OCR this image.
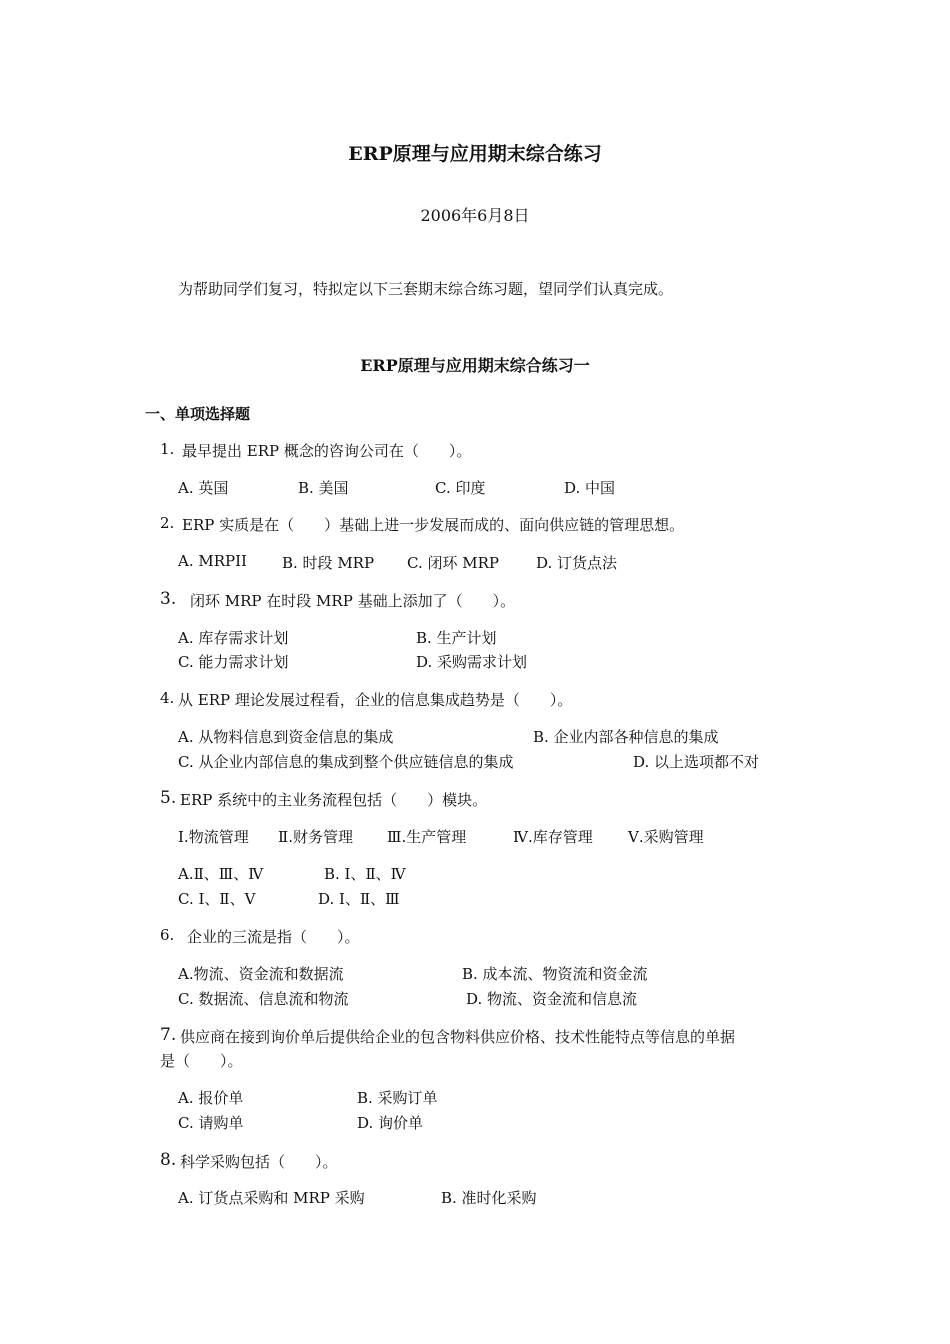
ERP原理与应用期末综合练习
2006年6月8日
为帮助同学们复习，特拟定以下三套期末综合练习题，望同学们认真完成。
ERP原理与应用期末综合练习一
一、单项选择题
1. 最早提出 ERP 概念的咨询公司在（　　）。
A. 英国	B. 美国	C. 印度	D. 中国
2. ERP 实质是在（　　）基础上进一步发展而成的、面向供应链的管理思想。
A. MRPII B. 时段 MRP C. 闭环 MRP D. 订货点法
3. 闭环 MRP 在时段 MRP 基础上添加了（　　）。
A. 库存需求计划	B. 生产计划
C. 能力需求计划	D. 采购需求计划
4. 从 ERP 理论发展过程看，企业的信息集成趋势是（　　）。
A. 从物料信息到资金信息的集成	B. 企业内部各种信息的集成
C. 从企业内部信息的集成到整个供应链信息的集成	D. 以上选项都不对
5. ERP 系统中的主业务流程包括（　　）模块。
Ⅰ.物流管理 Ⅱ.财务管理 Ⅲ.生产管理	Ⅳ.库存管理 Ⅴ.采购管理
A.Ⅱ、Ⅲ、Ⅳ	B. Ⅰ、Ⅱ、Ⅳ
C. Ⅰ、Ⅱ、Ⅴ	D. Ⅰ、Ⅱ、Ⅲ
6. 企业的三流是指（　　）。
A.物流、资金流和数据流	B. 成本流、物资流和资金流
C. 数据流、信息流和物流	D. 物流、资金流和信息流
7. 供应商在接到询价单后提供给企业的包含物料供应价格、技术性能特点等信息的单据
是（　　）。
A. 报价单	B. 采购订单
C. 请购单	D. 询价单
8. 科学采购包括（　　）。
A. 订货点采购和 MRP 采购	B. 准时化采购
